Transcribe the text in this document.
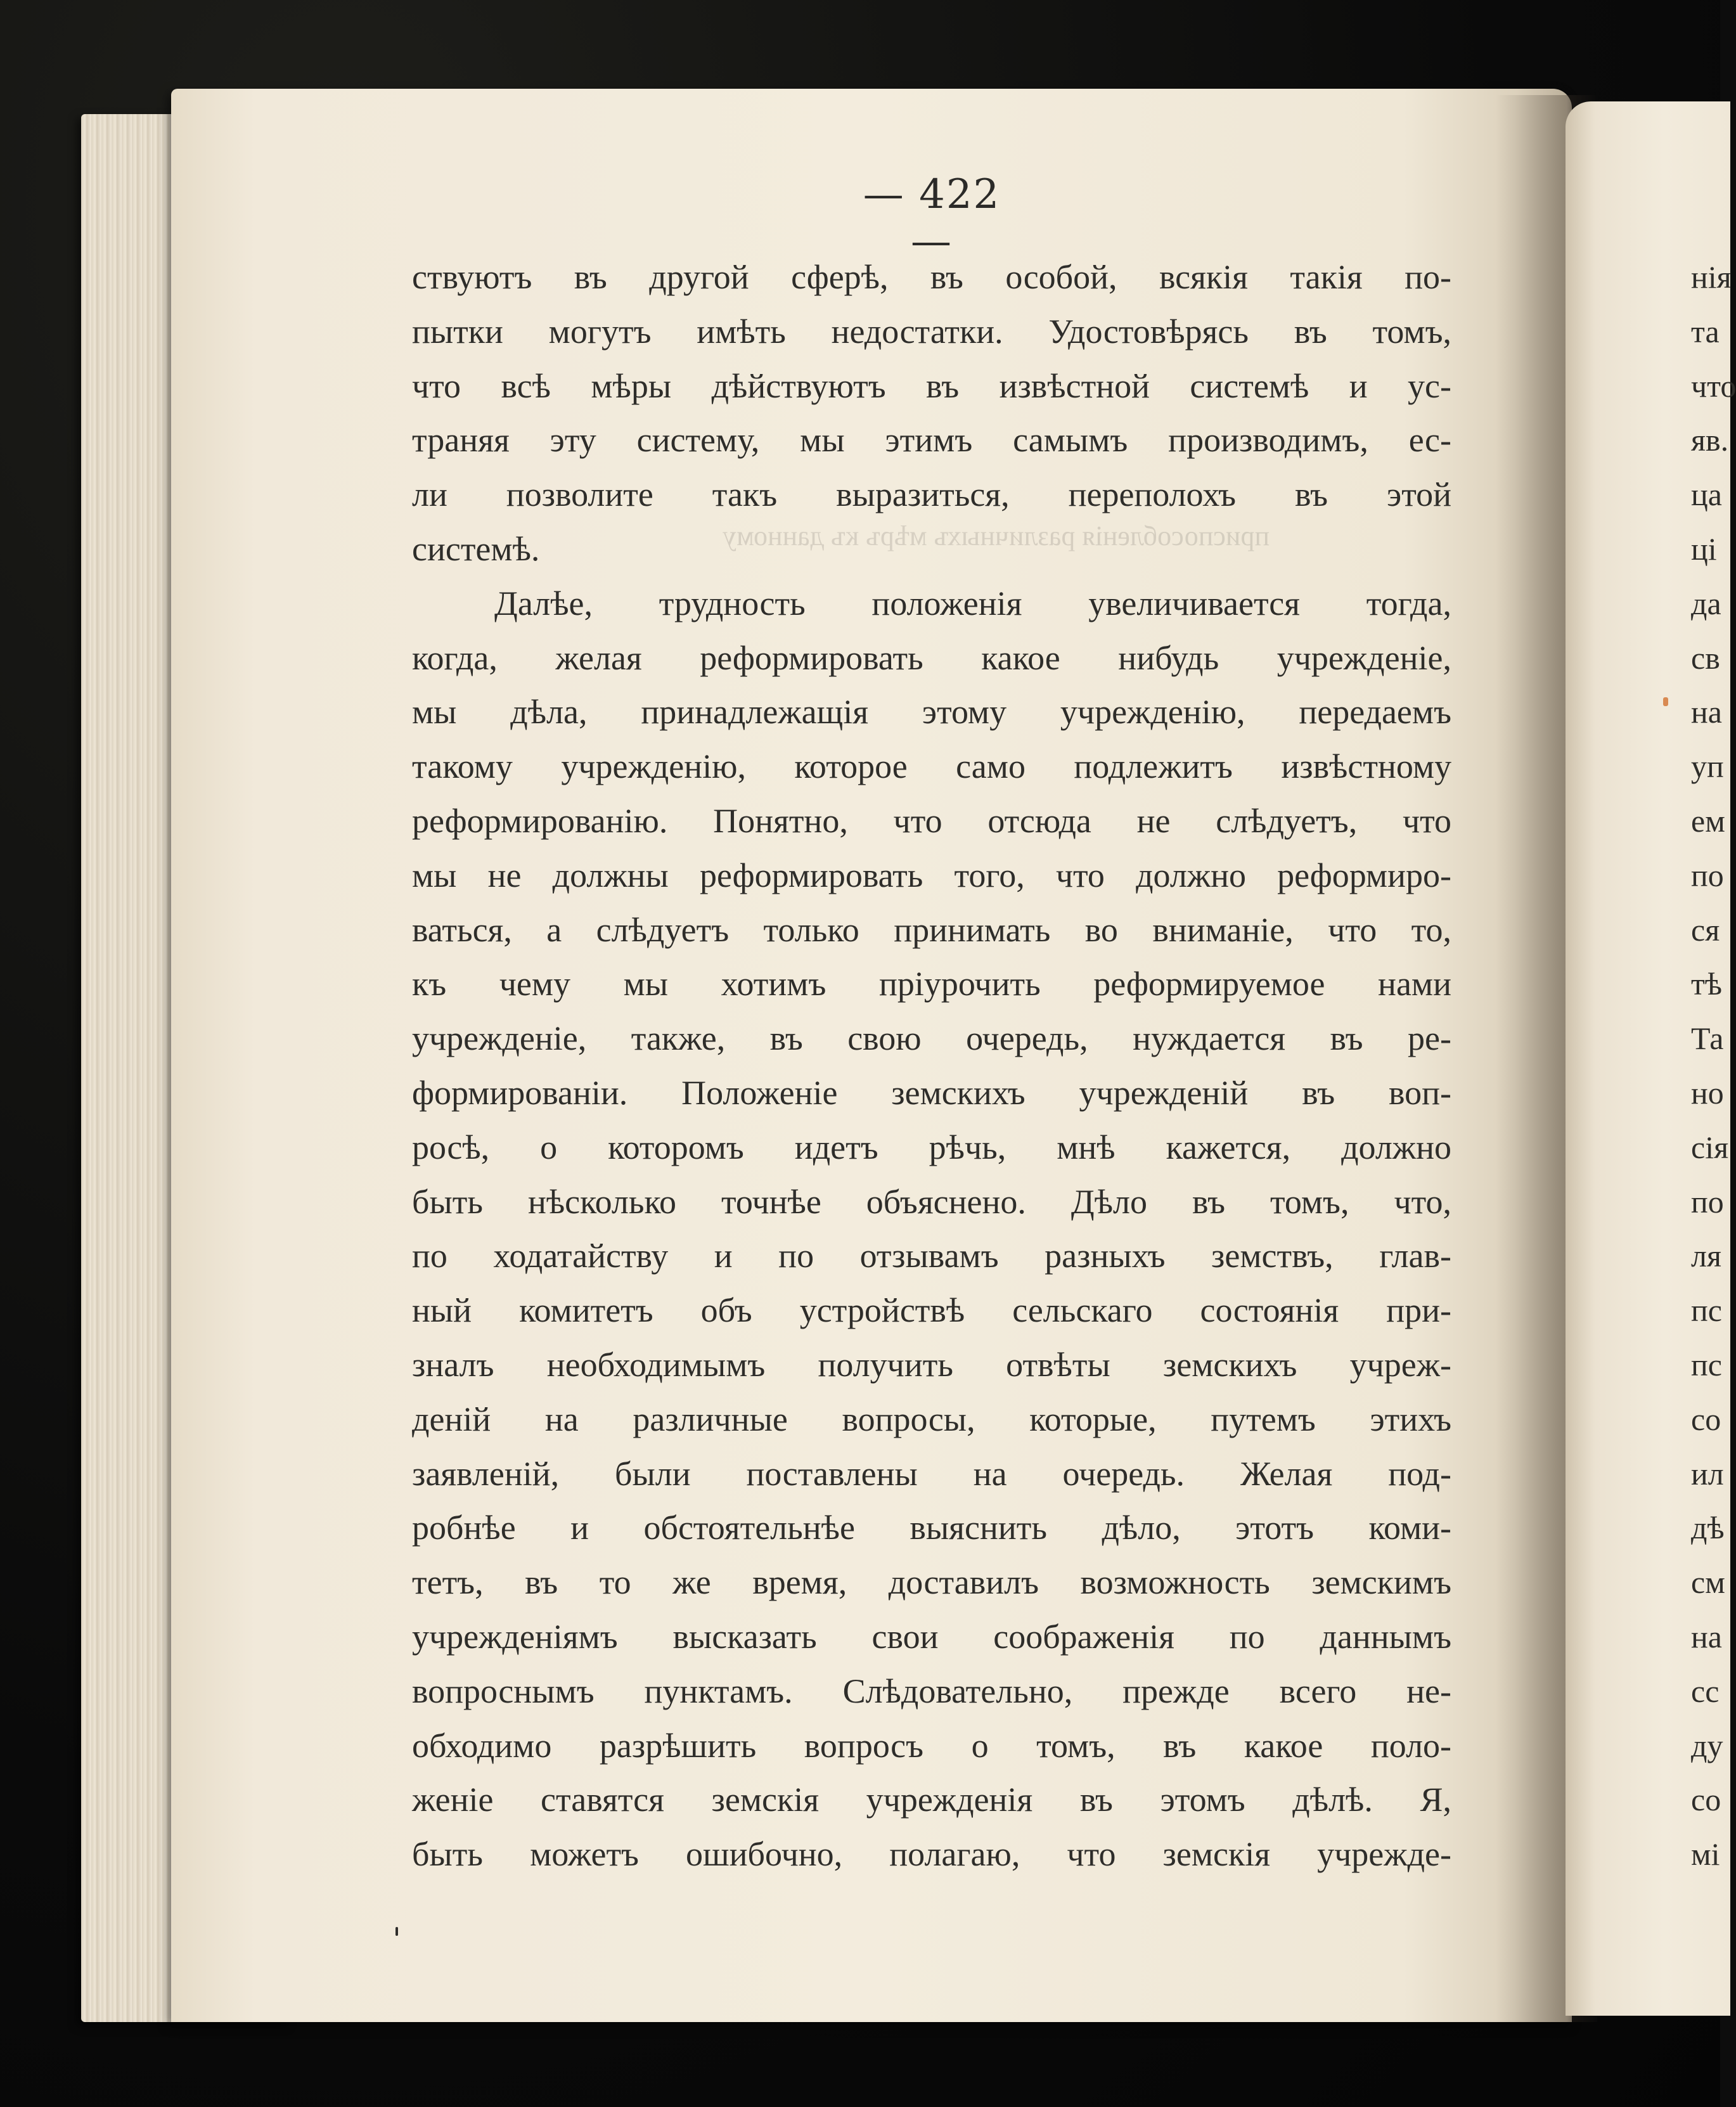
приспособленія различныхъ мѣръ къ данному
— 422 —
ствуютъ въ другой сферѣ, въ особой, всякія такія по-
пытки могутъ имѣть недостатки. Удостовѣрясь въ томъ,
что всѣ мѣры дѣйствуютъ въ извѣстной системѣ и ус-
траняя эту систему, мы этимъ самымъ производимъ, ес-
ли позволите такъ выразиться, переполохъ въ этой
системѣ.
Далѣе, трудность положенія увеличивается тогда,
когда, желая реформировать какое нибудь учрежденіе,
мы дѣла, принадлежащія этому учрежденію, передаемъ
такому учрежденію, которое само подлежитъ извѣстному
реформированію. Понятно, что отсюда не слѣдуетъ, что
мы не должны реформировать того, что должно реформиро-
ваться, а слѣдуетъ только принимать во вниманіе, что то,
къ чему мы хотимъ пріурочить реформируемое нами
учрежденіе, также, въ свою очередь, нуждается въ ре-
формированіи. Положеніе земскихъ учрежденій въ воп-
росѣ, о которомъ идетъ рѣчь, мнѣ кажется, должно
быть нѣсколько точнѣе объяснено. Дѣло въ томъ, что,
по ходатайству и по отзывамъ разныхъ земствъ, глав-
ный комитетъ объ устройствѣ сельскаго состоянія при-
зналъ необходимымъ получить отвѣты земскихъ учреж-
деній на различные вопросы, которые, путемъ этихъ
заявленій, были поставлены на очередь. Желая под-
робнѣе и обстоятельнѣе выяснить дѣло, этотъ коми-
тетъ, въ то же время, доставилъ возможность земскимъ
учрежденіямъ высказать свои соображенія по даннымъ
вопроснымъ пунктамъ. Слѣдовательно, прежде всего не-
обходимо разрѣшить вопросъ о томъ, въ какое поло-
женіе ставятся земскія учрежденія въ этомъ дѣлѣ. Я,
быть можетъ ошибочно, полагаю, что земскія учрежде-
нія
та
что
яв.
ца
ці
да
св
на
уп
ем
по
ся
тѣ
Та
но
сія
по
ля
пс
пс
со
ил
дѣ
см
на
сс
ду
со
мі
